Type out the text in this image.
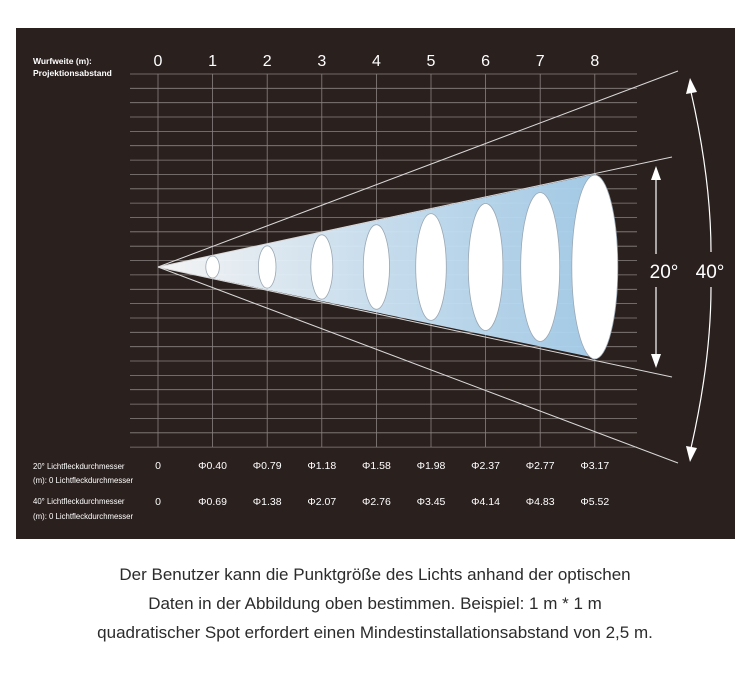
20° 40°
Wurfweite (m):
Projektionsabstand
0	1	2	3	4	5	6	7	8
20° Lichtfleckdurchmesser
(m): 0 Lichtfleckdurchmesser
40° Lichtfleckdurchmesser
(m): 0 Lichtfleckdurchmesser
0	Φ0.40 Φ0.79 Φ1.18 Φ1.58 Φ1.98 Φ2.37 Φ2.77 Φ3.17
0	Φ0.69 Φ1.38 Φ2.07 Φ2.76 Φ3.45 Φ4.14 Φ4.83 Φ5.52
Der Benutzer kann die Punktgröße des Lichts anhand der optischen
Daten in der Abbildung oben bestimmen. Beispiel: 1 m * 1 m
quadratischer Spot erfordert einen Mindestinstallationsabstand von 2,5 m.
